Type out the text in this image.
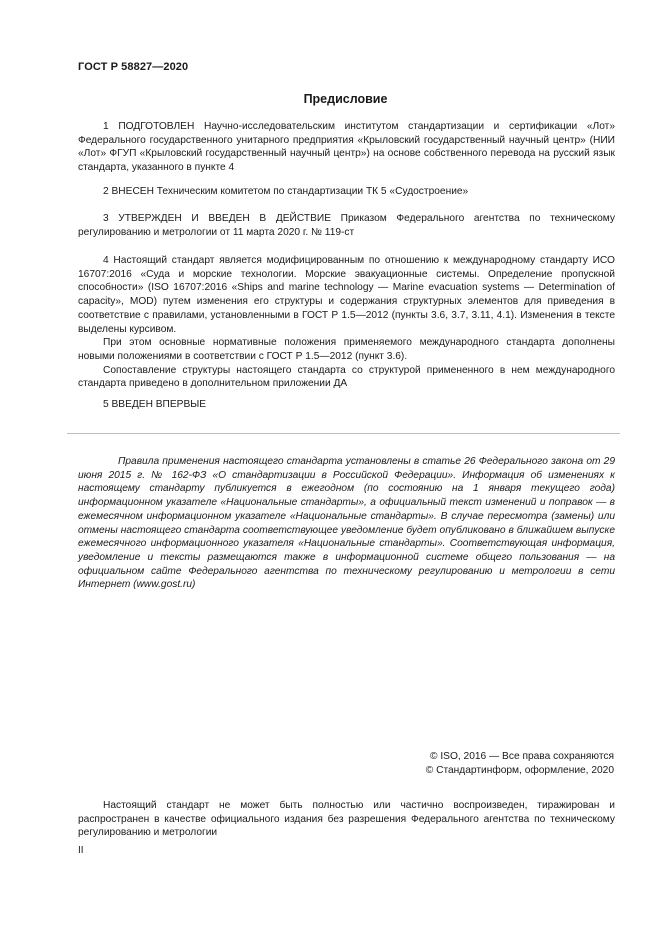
ГОСТ Р 58827—2020
Предисловие

1 ПОДГОТОВЛЕН Научно-исследовательским институтом стандартизации и сертификации «Лот» Федерального государственного унитарного предприятия «Крыловский государственный научный центр» (НИИ «Лот» ФГУП «Крыловский государственный научный центр») на основе собственного перевода на русский язык стандарта, указанного в пункте 4

2 ВНЕСЕН Техническим комитетом по стандартизации ТК 5 «Судостроение»

3 УТВЕРЖДЕН И ВВЕДЕН В ДЕЙСТВИЕ Приказом Федерального агентства по техническому регулированию и метрологии от 11 марта 2020 г. № 119-ст

4 Настоящий стандарт является модифицированным по отношению к международному стандарту ИСО 16707:2016 «Суда и морские технологии. Морские эвакуационные системы. Определение пропускной способности» (ISO 16707:2016 «Ships and marine technology — Marine evacuation systems — Determination of capacity», MOD) путем изменения его структуры и содержания структурных элементов для приведения в соответствие с правилами, установленными в ГОСТ Р 1.5—2012 (пункты 3.6, 3.7, 3.11, 4.1). Изменения в тексте выделены курсивом.

При этом основные нормативные положения применяемого международного стандарта дополнены новыми положениями в соответствии с ГОСТ Р 1.5—2012 (пункт 3.6).

Сопоставление структуры настоящего стандарта со структурой примененного в нем международного стандарта приведено в дополнительном приложении ДА

5 ВВЕДЕН ВПЕРВЫЕ

Правила применения настоящего стандарта установлены в статье 26 Федерального закона от 29 июня 2015 г. № 162-ФЗ «О стандартизации в Российской Федерации». Информация об изменениях к настоящему стандарту публикуется в ежегодном (по состоянию на 1 января текущего года) информационном указателе «Национальные стандарты», а официальный текст изменений и поправок — в ежемесячном информационном указателе «Национальные стандарты». В случае пересмотра (замены) или отмены настоящего стандарта соответствующее уведомление будет опубликовано в ближайшем выпуске ежемесячного информационного указателя «Национальные стандарты». Соответствующая информация, уведомление и тексты размещаются также в информационной системе общего пользования — на официальном сайте Федерального агентства по техническому регулированию и метрологии в сети Интернет (www.gost.ru)

© ISO, 2016 — Все права сохраняются
© Стандартинформ, оформление, 2020

Настоящий стандарт не может быть полностью или частично воспроизведен, тиражирован и распространен в качестве официального издания без разрешения Федерального агентства по техническому регулированию и метрологии

II
